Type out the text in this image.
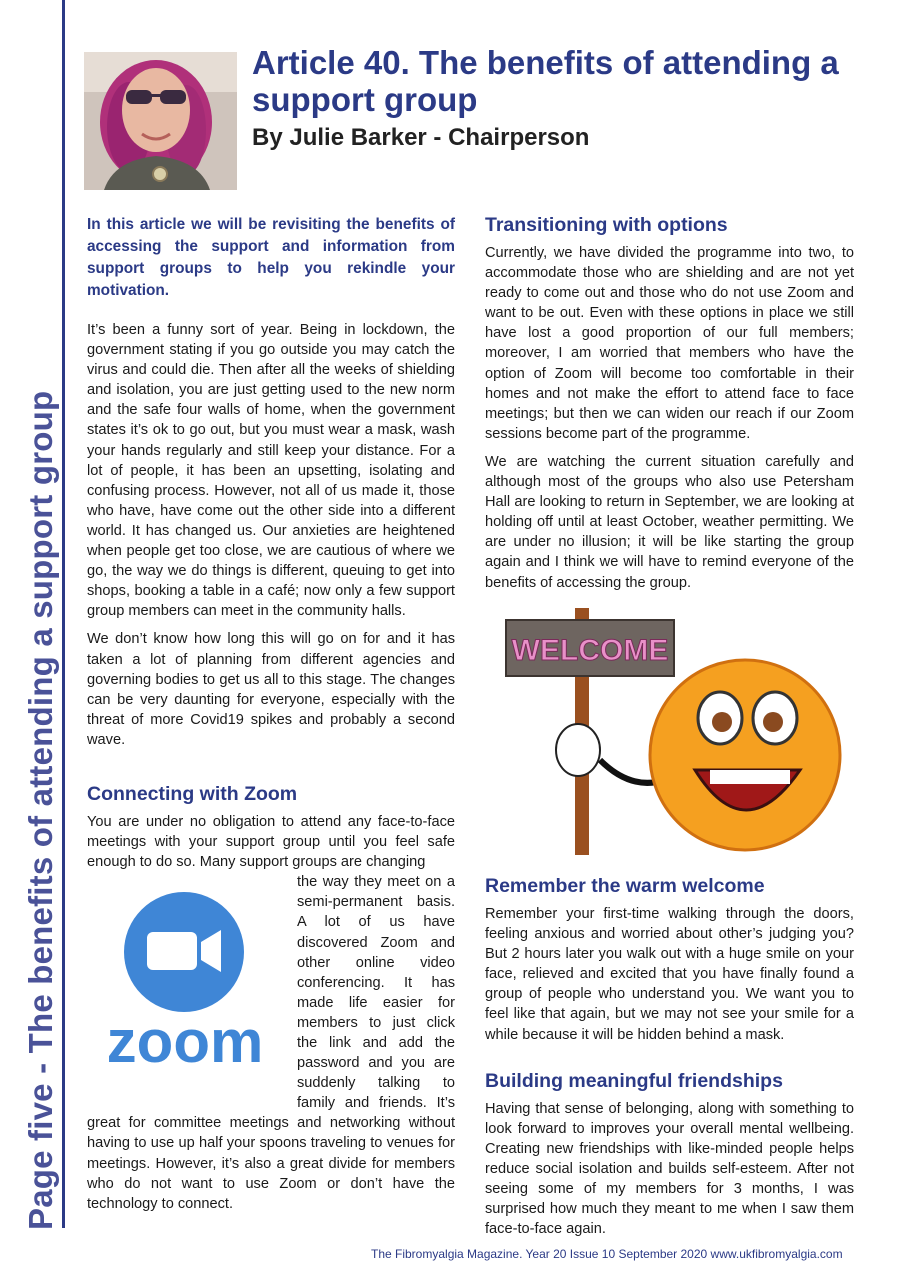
Page five - The benefits of attending a support group
Article 40. The benefits of attending a support group
By Julie Barker - Chairperson

In this article we will be revisiting the benefits of accessing the support and information from support groups to help you rekindle your motivation.

It’s been a funny sort of year. Being in lockdown, the government stating if you go outside you may catch the virus and could die. Then after all the weeks of shielding and isolation, you are just getting used to the new norm and the safe four walls of home, when the government states it’s ok to go out, but you must wear a mask, wash your hands regularly and still keep your distance. For a lot of people, it has been an upsetting, isolating and confusing process. However, not all of us made it, those who have, have come out the other side into a different world. It has changed us. Our anxieties are heightened when people get too close, we are cautious of where we go, the way we do things is different, queuing to get into shops, booking a table in a café; now only a few support group members can meet in the community halls.

We don’t know how long this will go on for and it has taken a lot of planning from different agencies and governing bodies to get us all to this stage. The changes can be very daunting for everyone, especially with the threat of more Covid19 spikes and probably a second wave.

Connecting with Zoom

You are under no obligation to attend any face-to-face meetings with your support group until you feel safe enough to do so. Many support groups are changing

zoom

the way they meet on a semi-permanent basis. A lot of us have discovered Zoom and other online video conferencing. It has made life easier for members to just click the link and add the password and you are suddenly talking to family and friends. It’s great for committee meetings and networking without having to use up half your spoons traveling to venues for meetings. However, it’s also a great divide for members who do not want to use Zoom or don’t have the technology to connect.

Transitioning with options

Currently, we have divided the programme into two, to accommodate those who are shielding and are not yet ready to come out and those who do not use Zoom and want to be out. Even with these options in place we still have lost a good proportion of our full members; moreover, I am worried that members who have the option of Zoom will become too comfortable in their homes and not make the effort to attend face to face meetings; but then we can widen our reach if our Zoom sessions become part of the programme.

We are watching the current situation carefully and although most of the groups who also use Petersham Hall are looking to return in September, we are looking at holding off until at least October, weather permitting. We are under no illusion; it will be like starting the group again and I think we will have to remind everyone of the benefits of accessing the group.

WELCOME
Remember the warm welcome

Remember your first-time walking through the doors, feeling anxious and worried about other’s judging you? But 2 hours later you walk out with a huge smile on your face, relieved and excited that you have finally found a group of people who understand you. We want you to feel like that again, but we may not see your smile for a while because it will be hidden behind a mask.

Building meaningful friendships

Having that sense of belonging, along with something to look forward to improves your overall mental wellbeing. Creating new friendships with like-minded people helps reduce social isolation and builds self-esteem. After not seeing some of my members for 3 months, I was surprised how much they meant to me when I saw them face-to-face again.

The Fibromyalgia Magazine. Year 20 Issue 10 September 2020 www.ukfibromyalgia.com
